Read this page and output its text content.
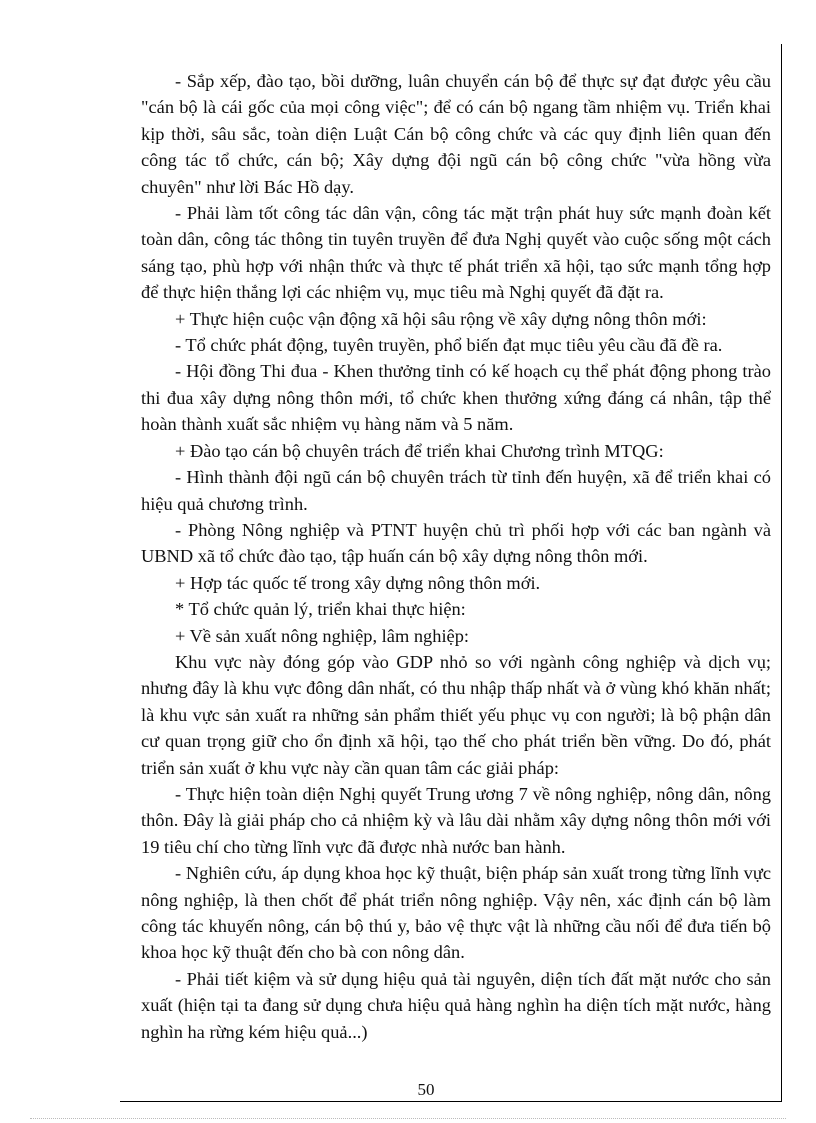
- Sắp xếp, đào tạo, bồi dưỡng, luân chuyển cán bộ để thực sự đạt được yêu cầu "cán bộ là cái gốc của mọi công việc"; để có cán bộ ngang tầm nhiệm vụ. Triển khai kịp thời, sâu sắc, toàn diện Luật Cán bộ công chức và các quy định liên quan đến công tác tổ chức, cán bộ; Xây dựng đội ngũ cán bộ công chức "vừa hồng vừa chuyên" như lời Bác Hồ dạy.

- Phải làm tốt công tác dân vận, công tác mặt trận phát huy sức mạnh đoàn kết toàn dân, công tác thông tin tuyên truyền để đưa Nghị quyết vào cuộc sống một cách sáng tạo, phù hợp với nhận thức và thực tế phát triển xã hội, tạo sức mạnh tổng hợp để thực hiện thắng lợi các nhiệm vụ, mục tiêu mà Nghị quyết đã đặt ra.

+ Thực hiện cuộc vận động xã hội sâu rộng về xây dựng nông thôn mới:

- Tổ chức phát động, tuyên truyền, phổ biến đạt mục tiêu yêu cầu đã đề ra.

- Hội đồng Thi đua - Khen thưởng tỉnh có kế hoạch cụ thể phát động phong trào thi đua xây dựng nông thôn mới, tổ chức khen thưởng xứng đáng cá nhân, tập thể hoàn thành xuất sắc nhiệm vụ hàng năm và 5 năm.

+ Đào tạo cán bộ chuyên trách để triển khai Chương trình MTQG:

- Hình thành đội ngũ cán bộ chuyên trách từ tỉnh đến huyện, xã để triển khai có hiệu quả chương trình.

- Phòng Nông nghiệp và PTNT huyện chủ trì phối hợp với các ban ngành và UBND xã tổ chức đào tạo, tập huấn cán bộ xây dựng nông thôn mới.

+ Hợp tác quốc tế trong xây dựng nông thôn mới.

* Tổ chức quản lý, triển khai thực hiện:

+ Về sản xuất nông nghiệp, lâm nghiệp:

Khu vực này đóng góp vào GDP nhỏ so với ngành công nghiệp và dịch vụ; nhưng đây là khu vực đông dân nhất, có thu nhập thấp nhất và ở vùng khó khăn nhất; là khu vực sản xuất ra những sản phẩm thiết yếu phục vụ con người; là bộ phận dân cư quan trọng giữ cho ổn định xã hội, tạo thế cho phát triển bền vững. Do đó, phát triển sản xuất ở khu vực này cần quan tâm các giải pháp:

- Thực hiện toàn diện Nghị quyết Trung ương 7 về nông nghiệp, nông dân, nông thôn. Đây là giải pháp cho cả nhiệm kỳ và lâu dài nhằm xây dựng nông thôn mới với 19 tiêu chí cho từng lĩnh vực đã được nhà nước ban hành.

- Nghiên cứu, áp dụng khoa học kỹ thuật, biện pháp sản xuất trong từng lĩnh vực nông nghiệp, là then chốt để phát triển nông nghiệp. Vậy nên, xác định cán bộ làm công tác khuyến nông, cán bộ thú y, bảo vệ thực vật là những cầu nối để đưa tiến bộ khoa học kỹ thuật đến cho bà con nông dân.

- Phải tiết kiệm và sử dụng hiệu quả tài nguyên, diện tích đất mặt nước cho sản xuất (hiện tại ta đang sử dụng chưa hiệu quả hàng nghìn ha diện tích mặt nước, hàng nghìn ha rừng kém hiệu quả...)

50
